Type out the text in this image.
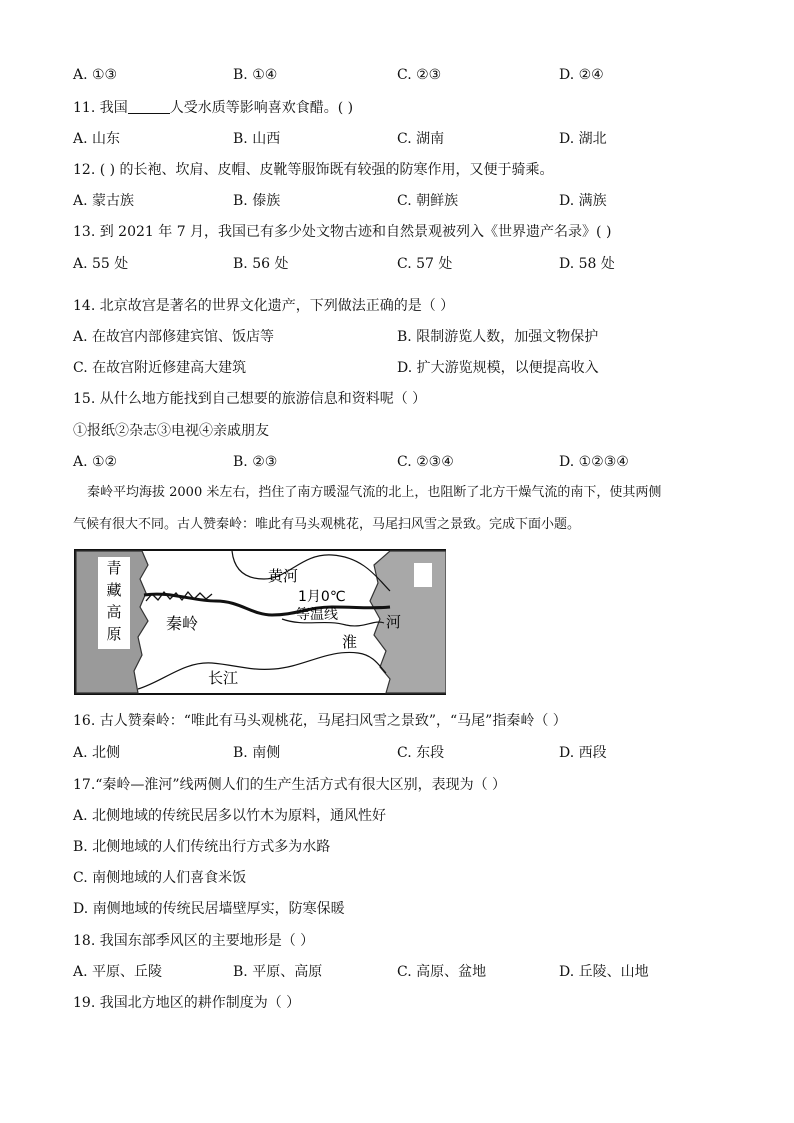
A. ①③	B. ①④	C. ②③	D. ②④
11. 我国	人受水质等影响喜欢食醋。( )
A. 山东	B. 山西	C. 湖南	D. 湖北
12. ( ) 的长袍、坎肩、皮帽、皮靴等服饰既有较强的防寒作用，又便于骑乘。
A. 蒙古族	B. 傣族	C. 朝鲜族	D. 满族
13. 到 2021 年 7 月，我国已有多少处文物古迹和自然景观被列入《世界遗产名录》( )
A. 55 处	B. 56 处	C. 57 处	D. 58 处
14. 北京故宫是著名的世界文化遗产，下列做法正确的是（ ）
A. 在故宫内部修建宾馆、饭店等	B. 限制游览人数，加强文物保护
C. 在故宫附近修建高大建筑	D. 扩大游览规模，以便提高收入
15. 从什么地方能找到自己想要的旅游信息和资料呢（ ）
①报纸②杂志③电视④亲戚朋友
A. ①②	B. ②③	C. ②③④	D. ①②③④
秦岭平均海拔 2000 米左右，挡住了南方暖湿气流的北上，也阻断了北方干燥气流的南下，使其两侧
气候有很大不同。古人赞秦岭：唯此有马头观桃花，马尾扫风雪之景致。完成下面小题。
青藏高原
黄河
1月0℃
等温线
秦岭
淮
河
长江
16. 古人赞秦岭：“唯此有马头观桃花，马尾扫风雪之景致”，“马尾”指秦岭（ ）
A. 北侧	B. 南侧	C. 东段	D. 西段
17.“秦岭—淮河”线两侧人们的生产生活方式有很大区别，表现为（ ）
A. 北侧地域的传统民居多以竹木为原料，通风性好
B. 北侧地域的人们传统出行方式多为水路
C. 南侧地域的人们喜食米饭
D. 南侧地域的传统民居墙壁厚实，防寒保暖
18. 我国东部季风区的主要地形是（ ）
A. 平原、丘陵	B. 平原、高原	C. 高原、盆地	D. 丘陵、山地
19. 我国北方地区的耕作制度为（ ）
